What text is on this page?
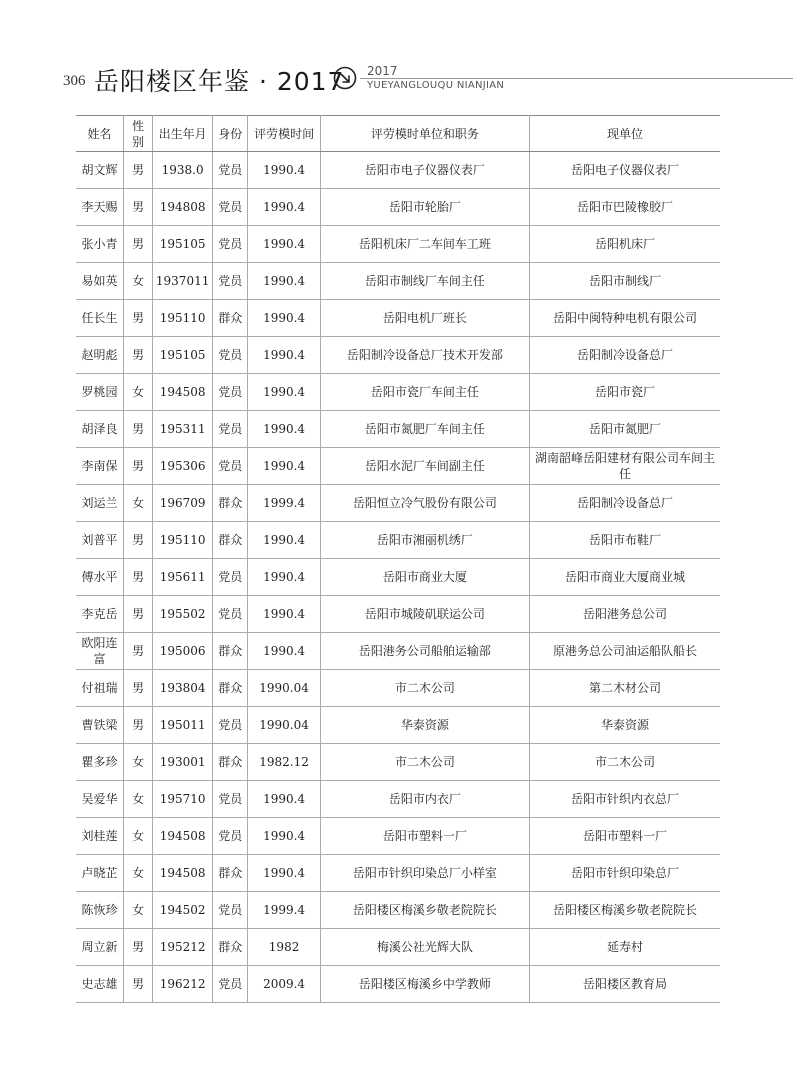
306 岳阳楼区年鉴 · 2017 2017
YUEYANGLOUQU NIANJIAN
姓名	性别	出生年月	身份	评劳模时间	评劳模时单位和职务	现单位
胡文辉	男	1938.0	党员	1990.4	岳阳市电子仪器仪表厂	岳阳电子仪器仪表厂
李天赐	男	194808	党员	1990.4	岳阳市轮胎厂	岳阳市巴陵橡胶厂
张小青	男	195105	党员	1990.4	岳阳机床厂二车间车工班	岳阳机床厂
易如英	女	1937011	党员	1990.4	岳阳市制线厂车间主任	岳阳市制线厂
任长生	男	195110	群众	1990.4	岳阳电机厂班长	岳阳中闽特种电机有限公司
赵明彪	男	195105	党员	1990.4	岳阳制冷设备总厂技术开发部	岳阳制冷设备总厂
罗桃园	女	194508	党员	1990.4	岳阳市瓷厂车间主任	岳阳市瓷厂
胡泽良	男	195311	党员	1990.4	岳阳市氮肥厂车间主任	岳阳市氮肥厂
李南保	男	195306	党员	1990.4	岳阳水泥厂车间副主任	湖南韶峰岳阳建材有限公司车间主任
刘运兰	女	196709	群众	1999.4	岳阳恒立冷气股份有限公司	岳阳制冷设备总厂
刘普平	男	195110	群众	1990.4	岳阳市湘丽机绣厂	岳阳市布鞋厂
傅水平	男	195611	党员	1990.4	岳阳市商业大厦	岳阳市商业大厦商业城
李克岳	男	195502	党员	1990.4	岳阳市城陵矶联运公司	岳阳港务总公司
欧阳连富	男	195006	群众	1990.4	岳阳港务公司船舶运输部	原港务总公司油运船队船长
付祖瑞	男	193804	群众	1990.04	市二木公司	第二木材公司
曹铁梁	男	195011	党员	1990.04	华泰资源	华泰资源
瞿多珍	女	193001	群众	1982.12	市二木公司	市二木公司
吴爱华	女	195710	党员	1990.4	岳阳市内衣厂	岳阳市针织内衣总厂
刘桂莲	女	194508	党员	1990.4	岳阳市塑料一厂	岳阳市塑料一厂
卢晓芷	女	194508	群众	1990.4	岳阳市针织印染总厂小样室	岳阳市针织印染总厂
陈恢珍	女	194502	党员	1999.4	岳阳楼区梅溪乡敬老院院长	岳阳楼区梅溪乡敬老院院长
周立新	男	195212	群众	1982	梅溪公社光辉大队	延寿村
史志雄	男	196212	党员	2009.4	岳阳楼区梅溪乡中学教师	岳阳楼区教育局
